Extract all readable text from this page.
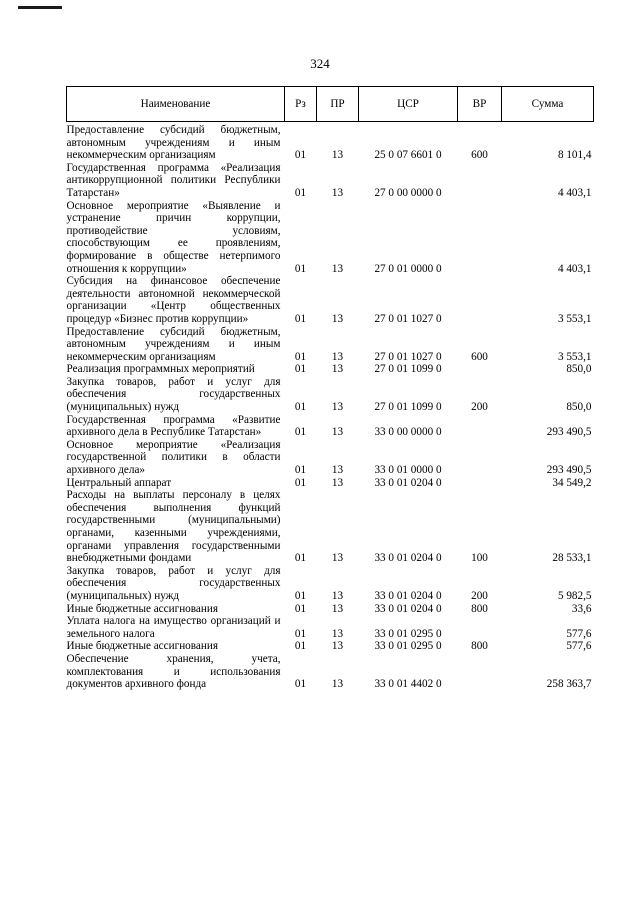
324
Наименование	Рз	ПР	ЦСР	ВР	Сумма
Предоставление субсидий бюджетным, автономным учреждениям и иным некоммерческим организациям	01	13	25 0 07 6601 0	600	8 101,4
Государственная программа «Реализация антикоррупционной политики Республики Татарстан»	01	13	27 0 00 0000 0		4 403,1
Основное мероприятие «Выявление и устранение причин коррупции, противодействие условиям, способствующим ее проявлениям, формирование в обществе нетерпимого отношения к коррупции»	01	13	27 0 01 0000 0		4 403,1
Субсидия на финансовое обеспечение деятельности автономной некоммерческой организации «Центр общественных процедур «Бизнес против коррупции»	01	13	27 0 01 1027 0		3 553,1
Предоставление субсидий бюджетным, автономным учреждениям и иным некоммерческим организациям	01	13	27 0 01 1027 0	600	3 553,1
Реализация программных мероприятий	01	13	27 0 01 1099 0		850,0
Закупка товаров, работ и услуг для обеспечения государственных (муниципальных) нужд	01	13	27 0 01 1099 0	200	850,0
Государственная программа «Развитие архивного дела в Республике Татарстан»	01	13	33 0 00 0000 0		293 490,5
Основное мероприятие «Реализация государственной политики в области архивного дела»	01	13	33 0 01 0000 0		293 490,5
Центральный аппарат	01	13	33 0 01 0204 0		34 549,2
Расходы на выплаты персоналу в целях обеспечения выполнения функций государственными (муниципальными) органами, казенными учреждениями, органами управления государственными внебюджетными фондами	01	13	33 0 01 0204 0	100	28 533,1
Закупка товаров, работ и услуг для обеспечения государственных (муниципальных) нужд	01	13	33 0 01 0204 0	200	5 982,5
Иные бюджетные ассигнования	01	13	33 0 01 0204 0	800	33,6
Уплата налога на имущество организаций и земельного налога	01	13	33 0 01 0295 0		577,6
Иные бюджетные ассигнования	01	13	33 0 01 0295 0	800	577,6
Обеспечение хранения, учета, комплектования и использования документов архивного фонда	01	13	33 0 01 4402 0		258 363,7
